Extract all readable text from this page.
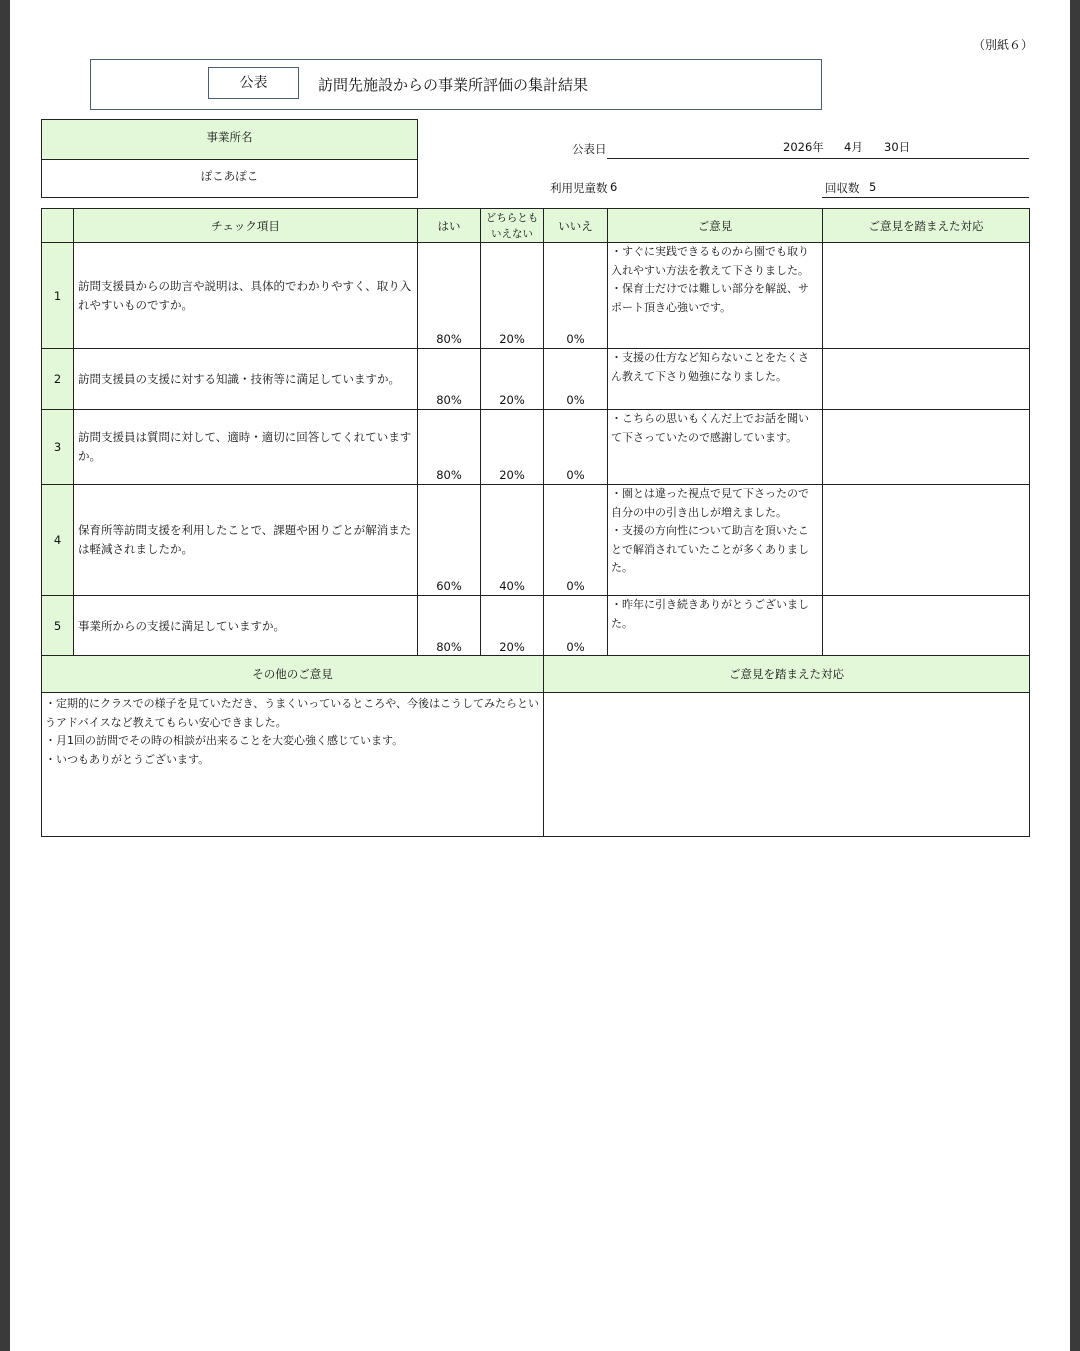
（別紙６）
公表	訪問先施設からの事業所評価の集計結果
事業所名
ぽこあぽこ
公表日	2026年 4月 30日
利用児童数 6	回収数 5
	チェック項目	はい	どちらとも いえない	いいえ	ご意見	ご意見を踏まえた対応
1	訪問支援員からの助言や説明は、具体的でわかりやすく、取り入れやすいものですか。	80%	20%	0%	・すぐに実践できるものから園でも取り入れやすい方法を教えて下さりました。
・保育士だけでは難しい部分を解説、サポート頂き心強いです。	
2	訪問支援員の支援に対する知識・技術等に満足していますか。	80%	20%	0%	・支援の仕方など知らないことをたくさん教えて下さり勉強になりました。	
3	訪問支援員は質問に対して、適時・適切に回答してくれていますか。	80%	20%	0%	・こちらの思いもくんだ上でお話を聞いて下さっていたので感謝しています。	
4	保育所等訪問支援を利用したことで、課題や困りごとが解消または軽減されましたか。	60%	40%	0%	・園とは違った視点で見て下さったので自分の中の引き出しが増えました。
・支援の方向性について助言を頂いたことで解消されていたことが多くありました。	
5	事業所からの支援に満足していますか。	80%	20%	0%	・昨年に引き続きありがとうございました。	
その他のご意見	ご意見を踏まえた対応
・定期的にクラスでの様子を見ていただき、うまくいっているところや、今後はこうしてみたらというアドバイスなど教えてもらい安心できました。
・月1回の訪問でその時の相談が出来ることを大変心強く感じています。
・いつもありがとうございます。	
